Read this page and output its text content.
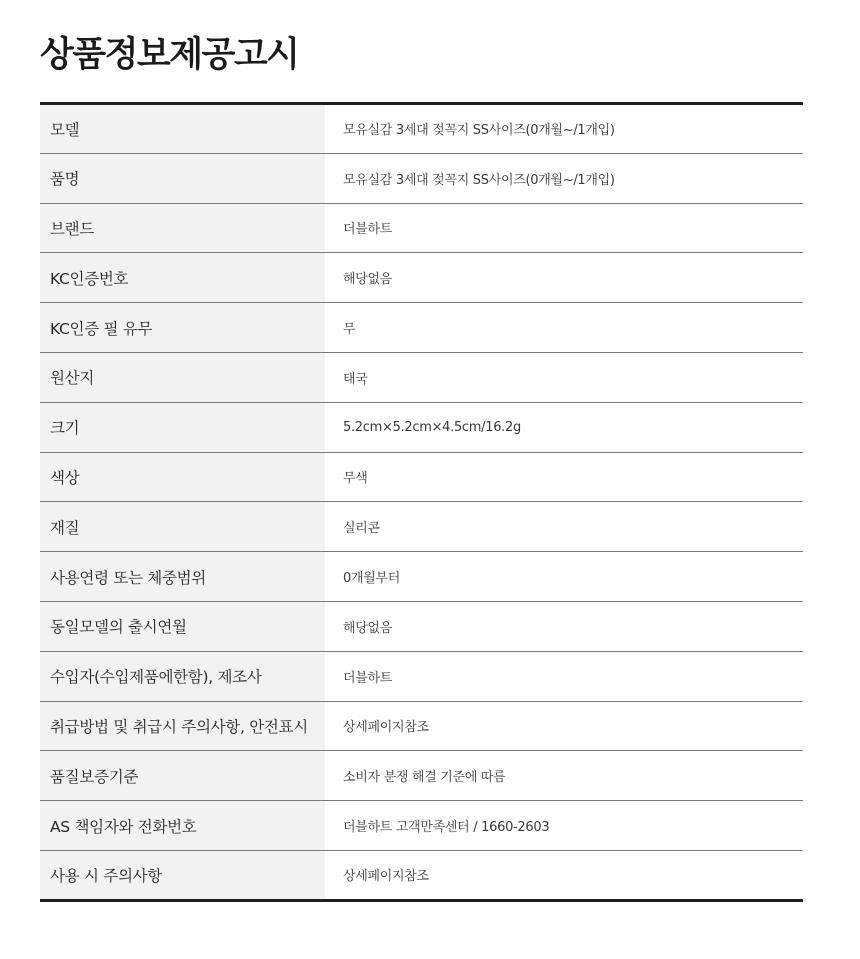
상품정보제공고시
모델	모유실감 3세대 젖꼭지 SS사이즈(0개월~/1개입)
품명	모유실감 3세대 젖꼭지 SS사이즈(0개월~/1개입)
브랜드	더블하트
KC인증번호	해당없음
KC인증 필 유무	무
원산지	태국
크기	5.2cm×5.2cm×4.5cm/16.2g
색상	무색
재질	실리콘
사용연령 또는 체중범위	0개월부터
동일모델의 출시연월	해당없음
수입자(수입제품에한함), 제조사	더블하트
취급방법 및 취급시 주의사항, 안전표시	상세페이지참조
품질보증기준	소비자 분쟁 해결 기준에 따름
AS 책임자와 전화번호	더블하트 고객만족센터 / 1660-2603
사용 시 주의사항	상세페이지참조
